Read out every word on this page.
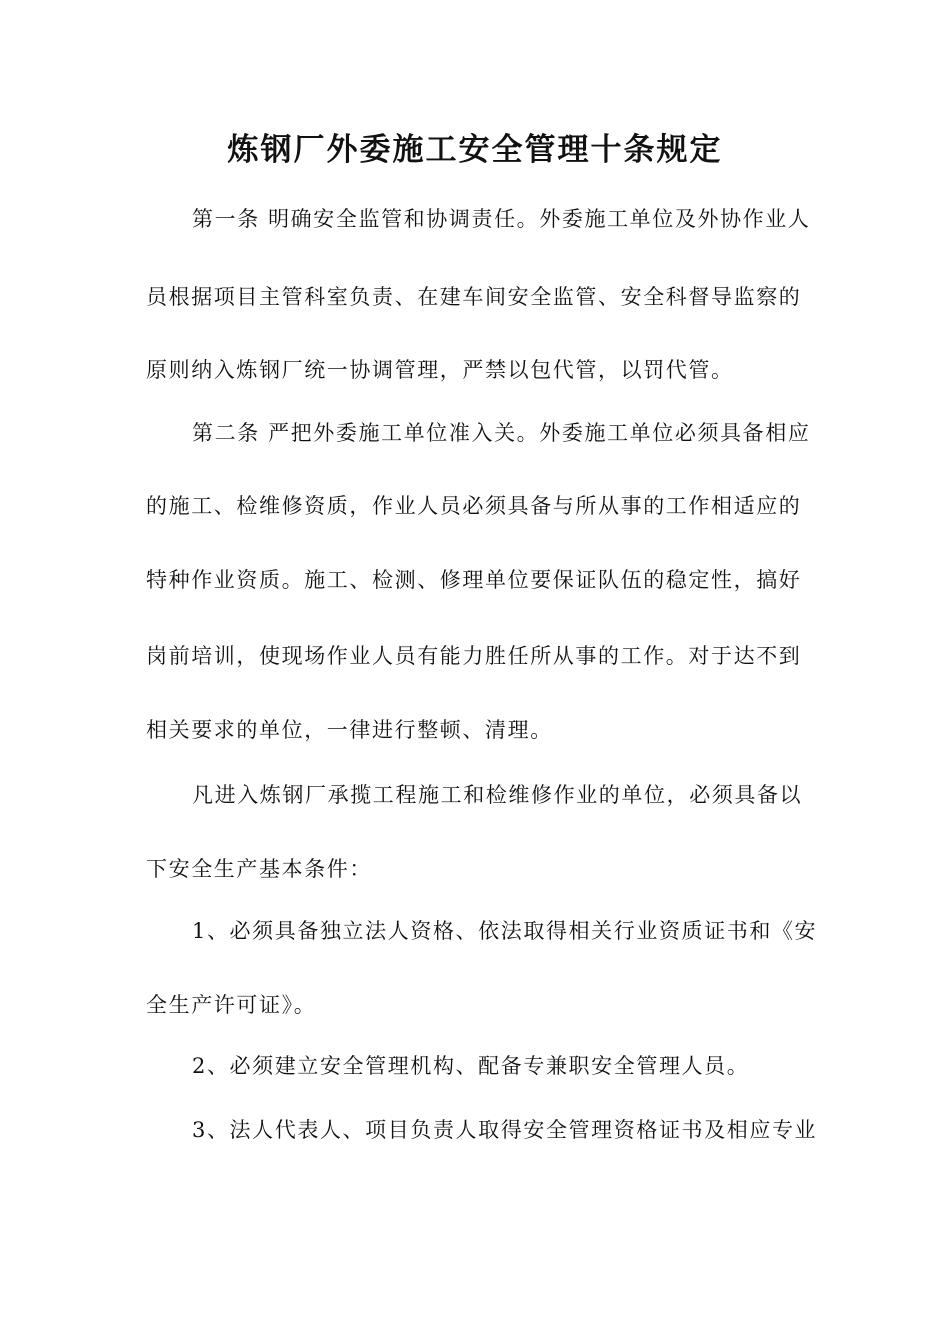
炼钢厂外委施工安全管理十条规定
第一条 明确安全监管和协调责任。外委施工单位及外协作业人
员根据项目主管科室负责、在建车间安全监管、安全科督导监察的
原则纳入炼钢厂统一协调管理，严禁以包代管，以罚代管。
第二条 严把外委施工单位准入关。外委施工单位必须具备相应
的施工、检维修资质，作业人员必须具备与所从事的工作相适应的
特种作业资质。施工、检测、修理单位要保证队伍的稳定性，搞好
岗前培训，使现场作业人员有能力胜任所从事的工作。对于达不到
相关要求的单位，一律进行整顿、清理。
凡进入炼钢厂承揽工程施工和检维修作业的单位，必须具备以
下安全生产基本条件：
1、必须具备独立法人资格、依法取得相关行业资质证书和《安
全生产许可证》。
2、必须建立安全管理机构、配备专兼职安全管理人员。
3、法人代表人、项目负责人取得安全管理资格证书及相应专业
